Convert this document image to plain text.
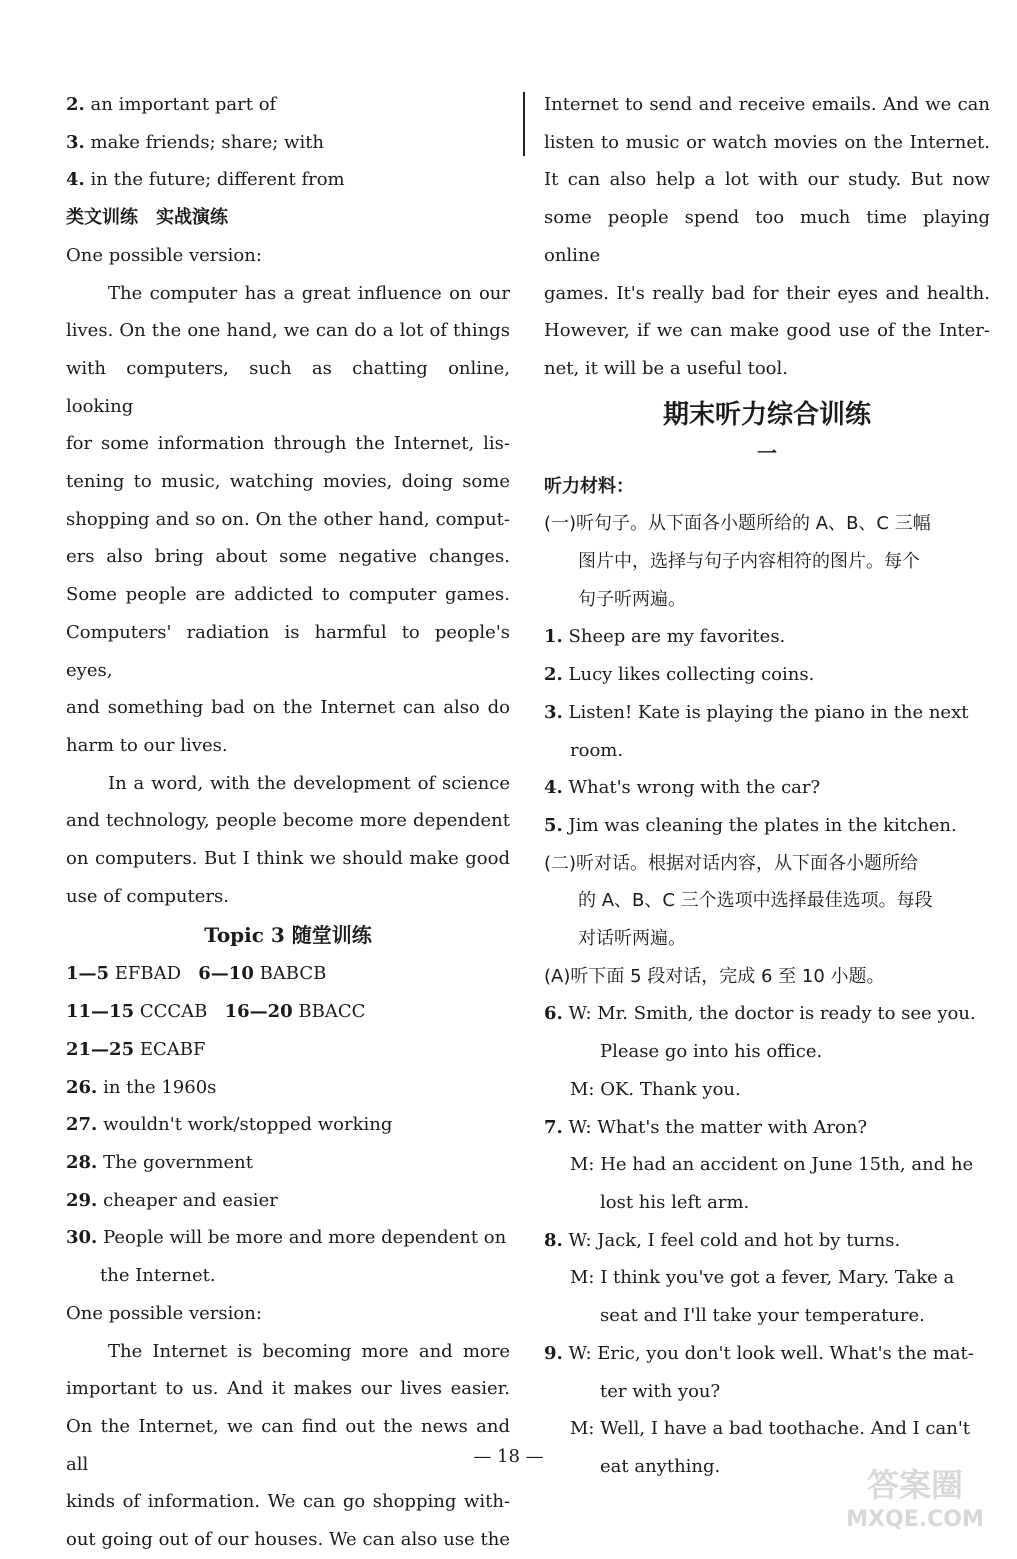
2. an important part of
3. make friends; share; with
4. in the future; different from
类文训练　实战演练
One possible version:
The computer has a great influence on our
lives. On the one hand, we can do a lot of things
with computers, such as chatting online, looking
for some information through the Internet, lis-
tening to music, watching movies, doing some
shopping and so on. On the other hand, comput-
ers also bring about some negative changes.
Some people are addicted to computer games.
Computers' radiation is harmful to people's eyes,
and something bad on the Internet can also do
harm to our lives.
In a word, with the development of science
and technology, people become more dependent
on computers. But I think we should make good
use of computers.
Topic 3 随堂训练
1—5 EFBAD 6—10 BABCB
11—15 CCCAB 16—20 BBACC
21—25 ECABF
26. in the 1960s
27. wouldn't work/stopped working
28. The government
29. cheaper and easier
30. People will be more and more dependent on
the Internet.
One possible version:
The Internet is becoming more and more
important to us. And it makes our lives easier.
On the Internet, we can find out the news and all
kinds of information. We can go shopping with-
out going out of our houses. We can also use the
Internet to send and receive emails. And we can
listen to music or watch movies on the Internet.
It can also help a lot with our study. But now
some people spend too much time playing online
games. It's really bad for their eyes and health.
However, if we can make good use of the Inter-
net, it will be a useful tool.
期末听力综合训练
一
听力材料：
(一)听句子。从下面各小题所给的 A、B、C 三幅
图片中，选择与句子内容相符的图片。每个
句子听两遍。
1. Sheep are my favorites.
2. Lucy likes collecting coins.
3. Listen! Kate is playing the piano in the next
room.
4. What's wrong with the car?
5. Jim was cleaning the plates in the kitchen.
(二)听对话。根据对话内容，从下面各小题所给
的 A、B、C 三个选项中选择最佳选项。每段
对话听两遍。
(A)听下面 5 段对话，完成 6 至 10 小题。
6. W: Mr. Smith, the doctor is ready to see you.
Please go into his office.
M: OK. Thank you.
7. W: What's the matter with Aron?
M: He had an accident on June 15th, and he
lost his left arm.
8. W: Jack, I feel cold and hot by turns.
M: I think you've got a fever, Mary. Take a
seat and I'll take your temperature.
9. W: Eric, you don't look well. What's the mat-
ter with you?
M: Well, I have a bad toothache. And I can't
eat anything.
— 18 —
答案圈
MXQE.COM
